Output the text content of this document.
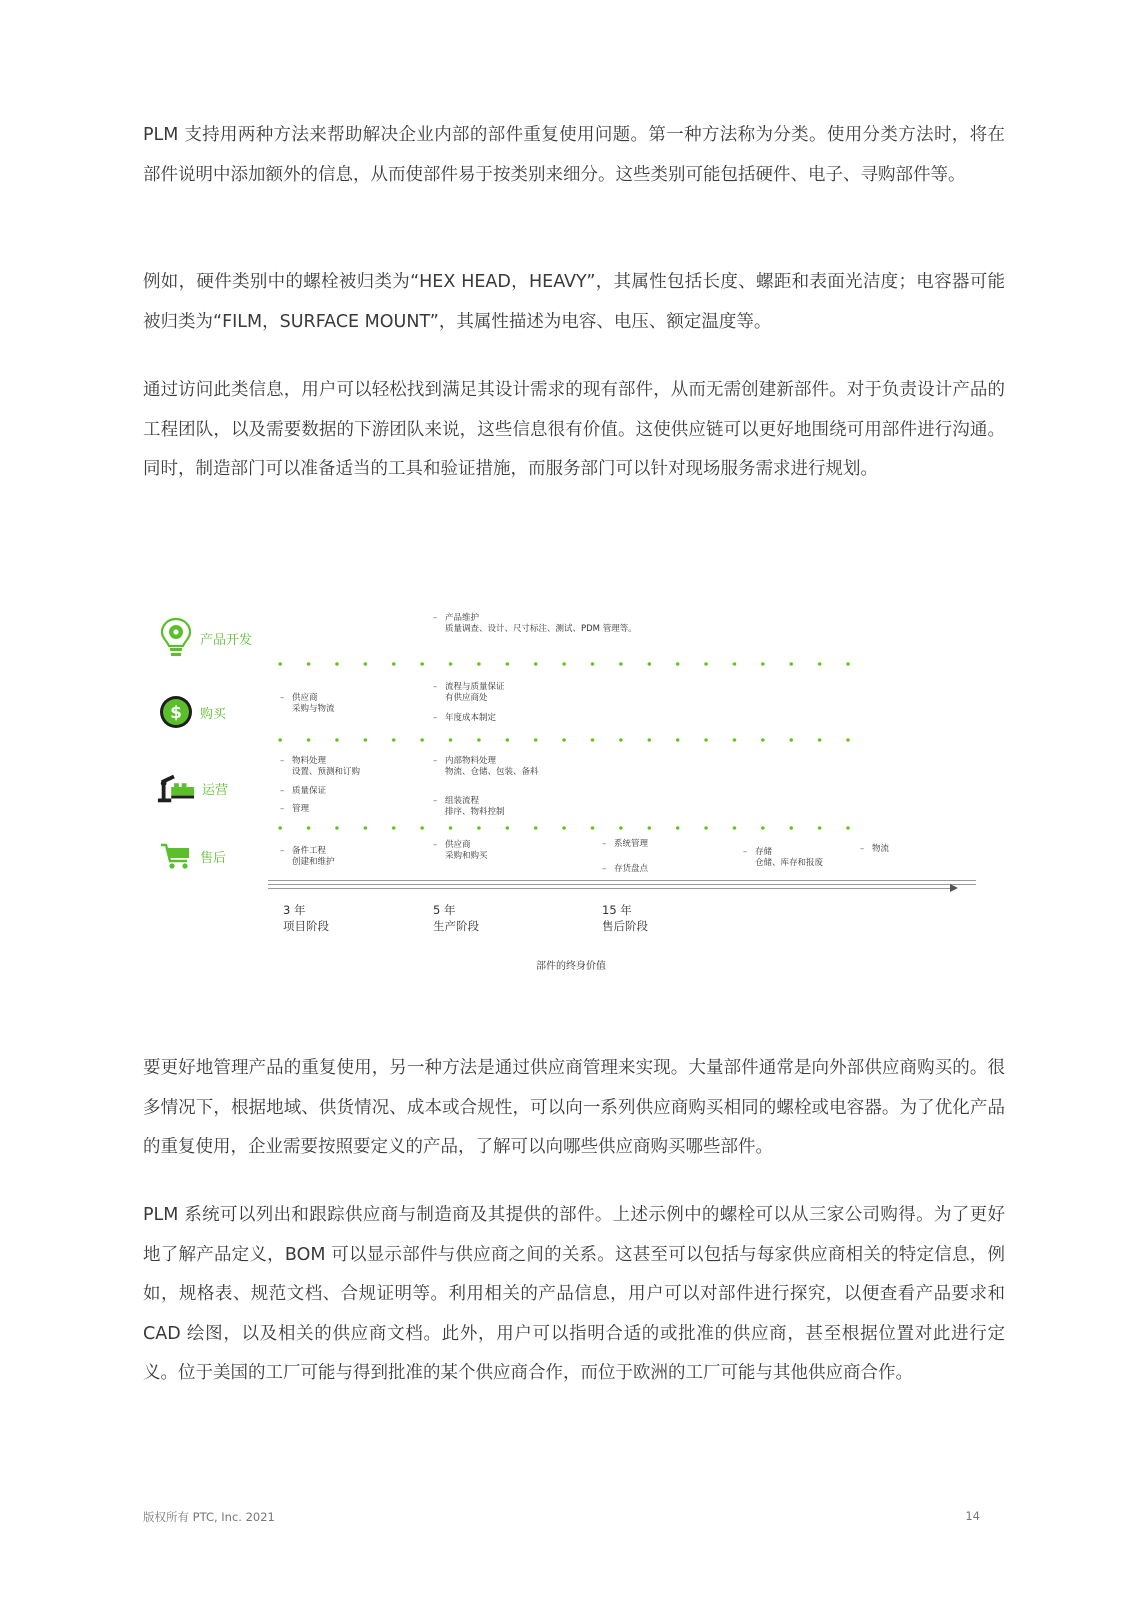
PLM 支持用两种方法来帮助解决企业内部的部件重复使用问题。第一种方法称为分类。使用分类方法时，将在部件说明中添加额外的信息，从而使部件易于按类别来细分。这些类别可能包括硬件、电子、寻购部件等。

例如，硬件类别中的螺栓被归类为“HEX HEAD，HEAVY”，其属性包括长度、螺距和表面光洁度；电容器可能被归类为“FILM，SURFACE MOUNT”，其属性描述为电容、电压、额定温度等。

通过访问此类信息，用户可以轻松找到满足其设计需求的现有部件，从而无需创建新部件。对于负责设计产品的工程团队，以及需要数据的下游团队来说，这些信息很有价值。这使供应链可以更好地围绕可用部件进行沟通。同时，制造部门可以准备适当的工具和验证措施，而服务部门可以针对现场服务需求进行规划。

产品开发
$ 购买
运营
售后
– 产品维护
质量调查、设计、尺寸标注、测试、PDM 管理等。
– 供应商
采购与物流
– 流程与质量保证
有供应商处
– 年度成本制定
– 物料处理
设置、预测和订购
– 质量保证
– 管理
– 内部物料处理
物流、仓储、包装、备料
– 组装流程
排序、物料控制
– 备件工程
创建和维护
– 供应商
采购和购买
– 系统管理
– 存货盘点
– 存储
仓储、库存和报废
– 物流
3 年
项目阶段
5 年
生产阶段
15 年
售后阶段
部件的终身价值

要更好地管理产品的重复使用，另一种方法是通过供应商管理来实现。大量部件通常是向外部供应商购买的。很多情况下，根据地域、供货情况、成本或合规性，可以向一系列供应商购买相同的螺栓或电容器。为了优化产品的重复使用，企业需要按照要定义的产品，了解可以向哪些供应商购买哪些部件。

PLM 系统可以列出和跟踪供应商与制造商及其提供的部件。上述示例中的螺栓可以从三家公司购得。为了更好地了解产品定义，BOM 可以显示部件与供应商之间的关系。这甚至可以包括与每家供应商相关的特定信息，例如，规格表、规范文档、合规证明等。利用相关的产品信息，用户可以对部件进行探究，以便查看产品要求和 CAD 绘图，以及相关的供应商文档。此外，用户可以指明合适的或批准的供应商，甚至根据位置对此进行定义。位于美国的工厂可能与得到批准的某个供应商合作，而位于欧洲的工厂可能与其他供应商合作。

版权所有 PTC, Inc. 2021	14
